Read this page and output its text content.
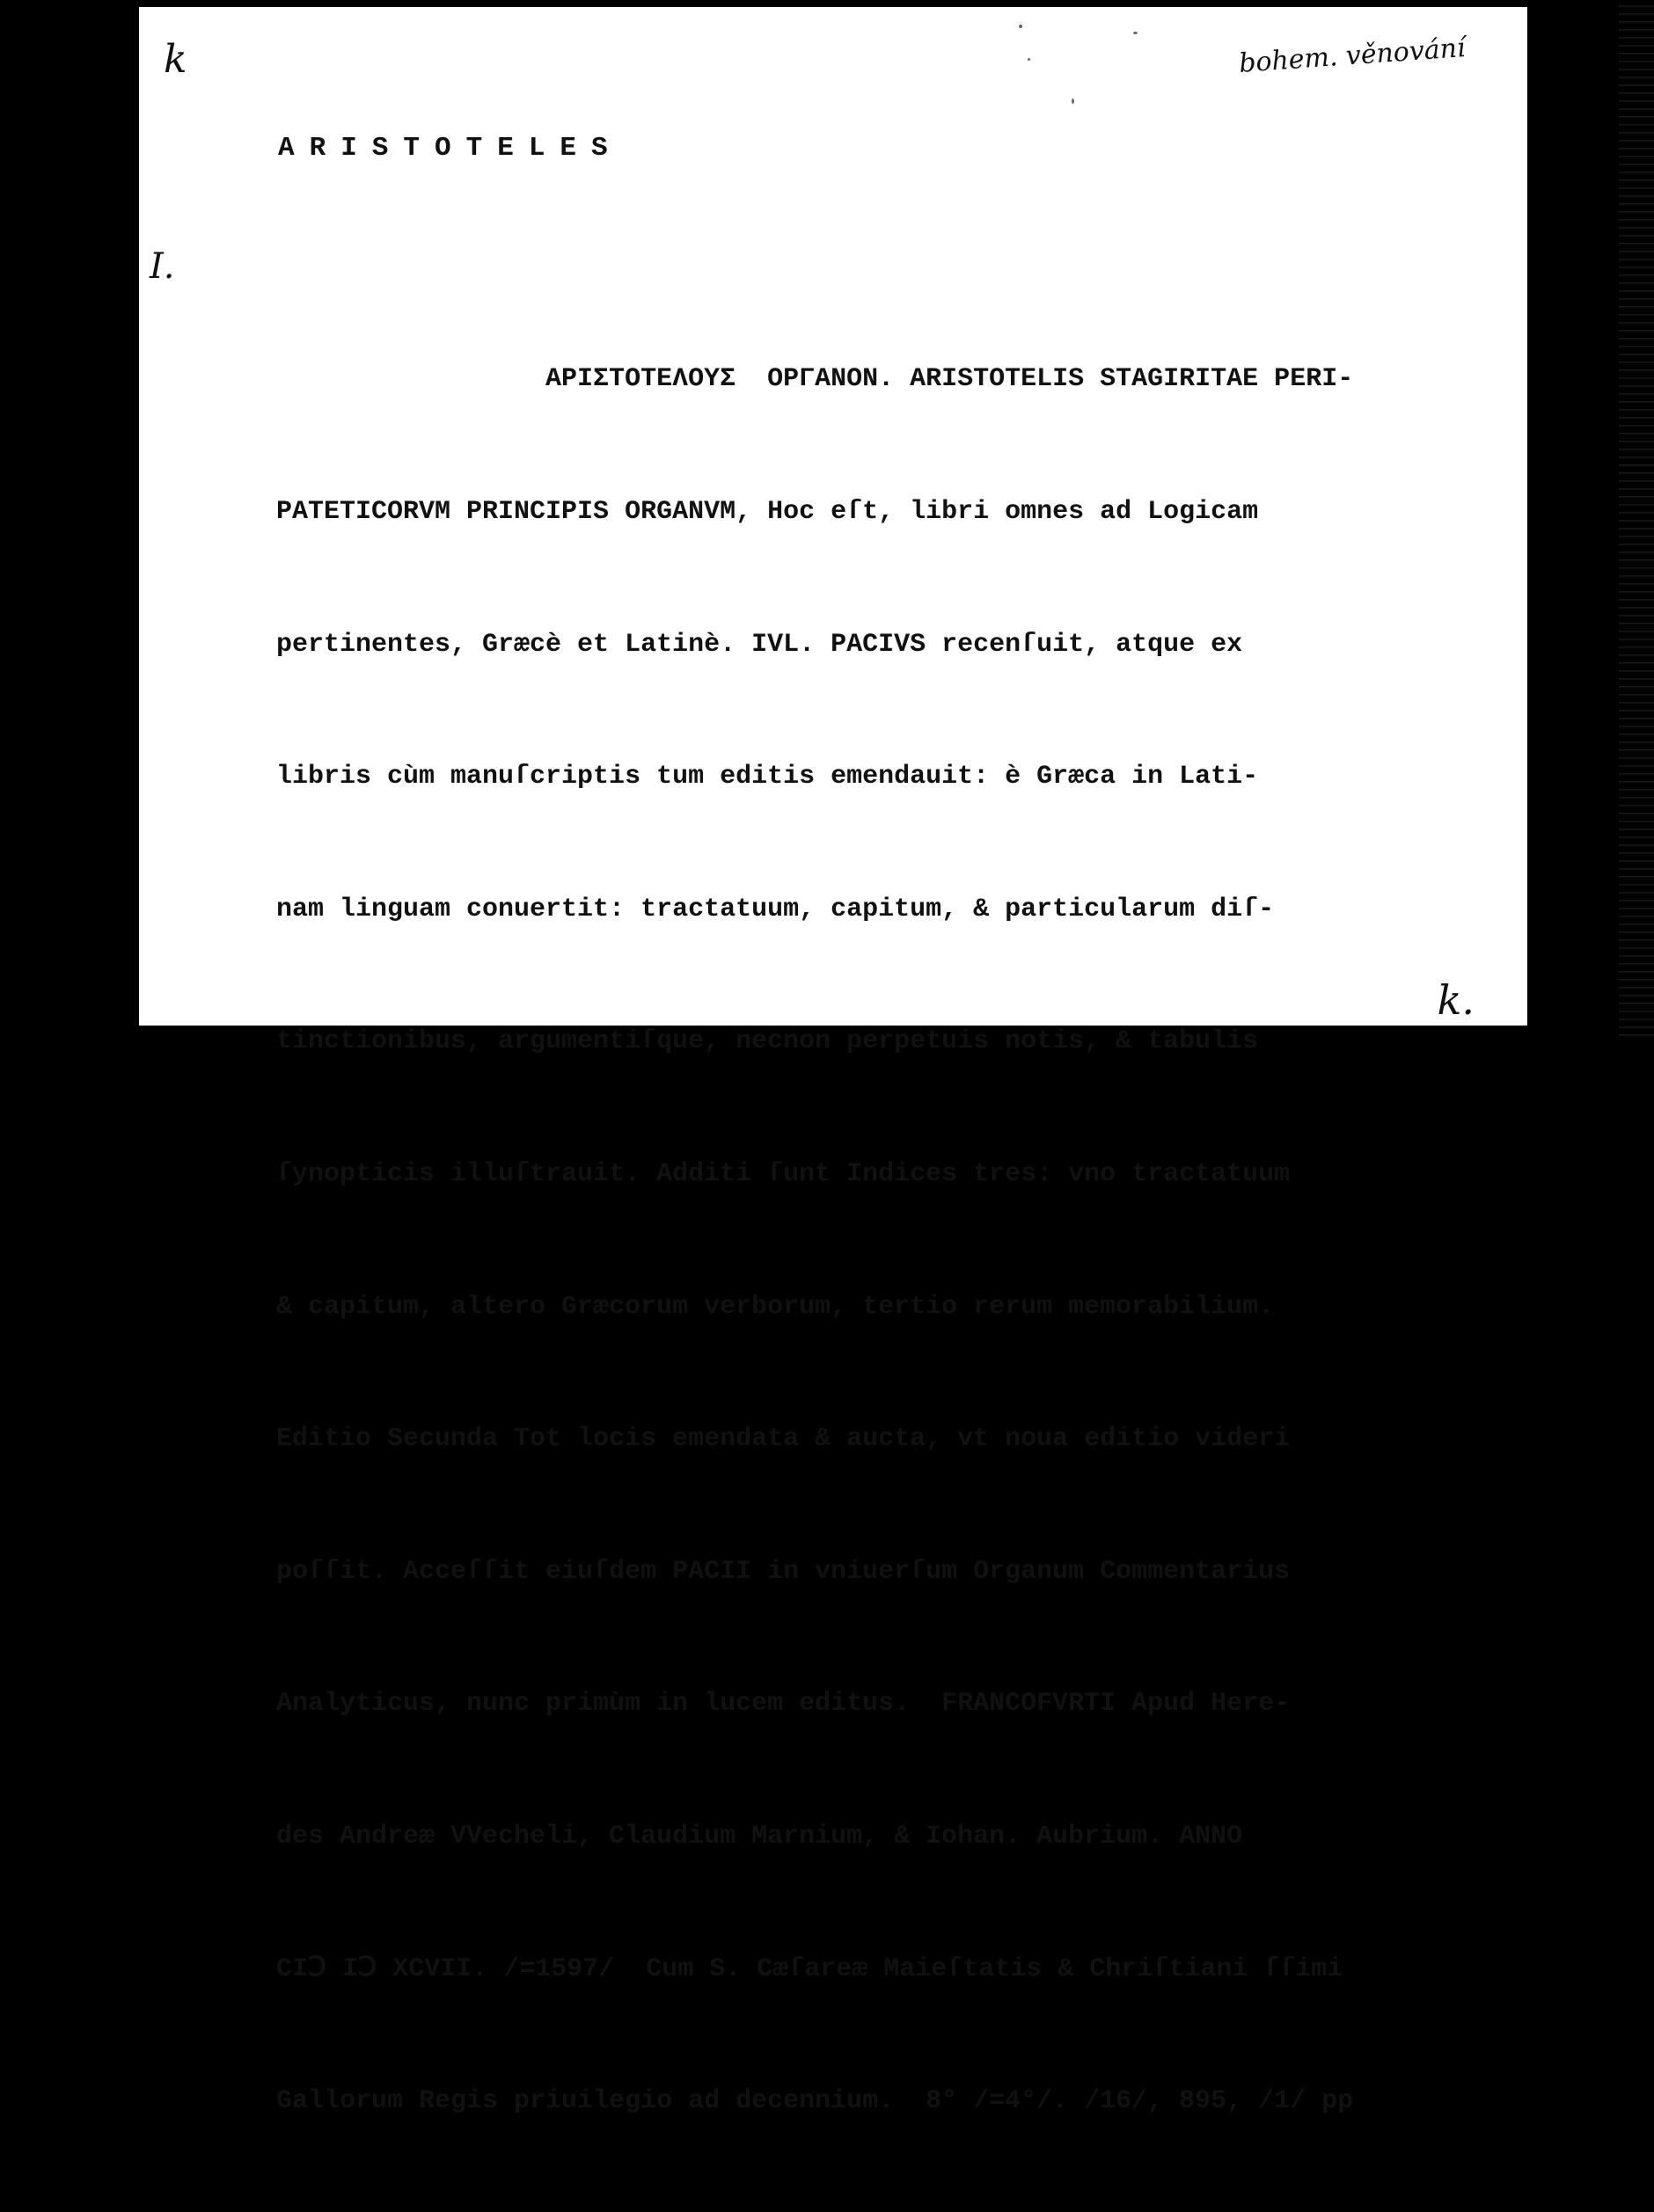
k	bohem. věnování
I.
k.
ARISTOTELES

ΑΡΙΣΤΟΤΕΛΟΥΣ  ΟΡΓΑΝΟΝ. ARISTOTELIS STAGIRITAE PERI-

PATETICORVM PRINCIPIS ORGANVM, Hoc eſt, libri omnes ad Logicam

pertinentes, Græcè et Latinè. IVL. PACIVS recenſuit, atque ex

libris cùm manuſcriptis tum editis emendauit: è Græca in Lati-

nam linguam conuertit: tractatuum, capitum, & particularum diſ-

tinctionibus, argumentiſque, necnon perpetuis notis, & tabulis

ſynopticis illuſtrauit. Additi ſunt Indices tres: vno tractatuum

& capitum, altero Græcorum verborum, tertio rerum memorabilium.

Editio Secunda Tot locis emendata & aucta, vt noua editio videri

poſſit. Acceſſit eiuſdem PACII in vniuerſum Organum Commentarius

Analyticus, nunc primùm in lucem editus.  FRANCOFVRTI Apud Here-

des Andreæ VVecheli, Claudium Marnium, & Iohan. Aubrium. ANNO

CIↃ IↃ XCVII. /=1597/  Cum S. Cæſareæ Maieſtatis & Chriſtiani ſſimi

Gallorum Regis priuilegio ad decennium.  8° /=4°/. /16/, 895, /1/ pp
